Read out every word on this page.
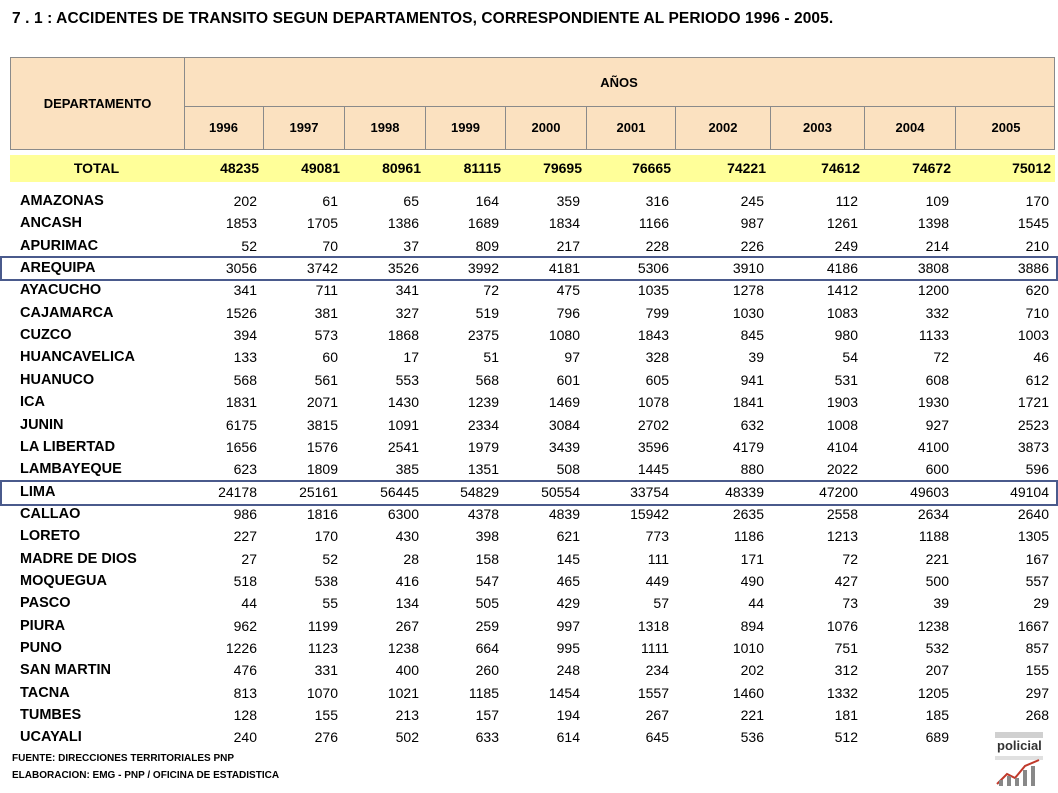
7 . 1 : ACCIDENTES DE TRANSITO SEGUN DEPARTAMENTOS, CORRESPONDIENTE AL PERIODO 1996 - 2005.
DEPARTAMENTO
AÑOS
1996	1997	1998	1999	2000	2001	2002	2003	2004	2005
TOTAL	48235	49081	80961	81115	79695	76665	74221	74612	74672	75012
AMAZONAS	202	61	65	164	359	316	245	112	109	170
ANCASH	1853	1705	1386	1689	1834	1166	987	1261	1398	1545
APURIMAC	52	70	37	809	217	228	226	249	214	210
AREQUIPA	3056	3742	3526	3992	4181	5306	3910	4186	3808	3886
AYACUCHO	341	711	341	72	475	1035	1278	1412	1200	620
CAJAMARCA	1526	381	327	519	796	799	1030	1083	332	710
CUZCO	394	573	1868	2375	1080	1843	845	980	1133	1003
HUANCAVELICA	133	60	17	51	97	328	39	54	72	46
HUANUCO	568	561	553	568	601	605	941	531	608	612
ICA	1831	2071	1430	1239	1469	1078	1841	1903	1930	1721
JUNIN	6175	3815	1091	2334	3084	2702	632	1008	927	2523
LA LIBERTAD	1656	1576	2541	1979	3439	3596	4179	4104	4100	3873
LAMBAYEQUE	623	1809	385	1351	508	1445	880	2022	600	596
LIMA	24178	25161	56445	54829	50554	33754	48339	47200	49603	49104
CALLAO	986	1816	6300	4378	4839	15942	2635	2558	2634	2640
LORETO	227	170	430	398	621	773	1186	1213	1188	1305
MADRE DE DIOS	27	52	28	158	145	111	171	72	221	167
MOQUEGUA	518	538	416	547	465	449	490	427	500	557
PASCO	44	55	134	505	429	57	44	73	39	29
PIURA	962	1199	267	259	997	1318	894	1076	1238	1667
PUNO	1226	1123	1238	664	995	1111	1010	751	532	857
SAN MARTIN	476	331	400	260	248	234	202	312	207	155
TACNA	813	1070	1021	1185	1454	1557	1460	1332	1205	297
TUMBES	128	155	213	157	194	267	221	181	185	268
UCAYALI	240	276	502	633	614	645	536	512	689
FUENTE: DIRECCIONES TERRITORIALES PNP
ELABORACION: EMG - PNP / OFICINA DE ESTADISTICA
policial
